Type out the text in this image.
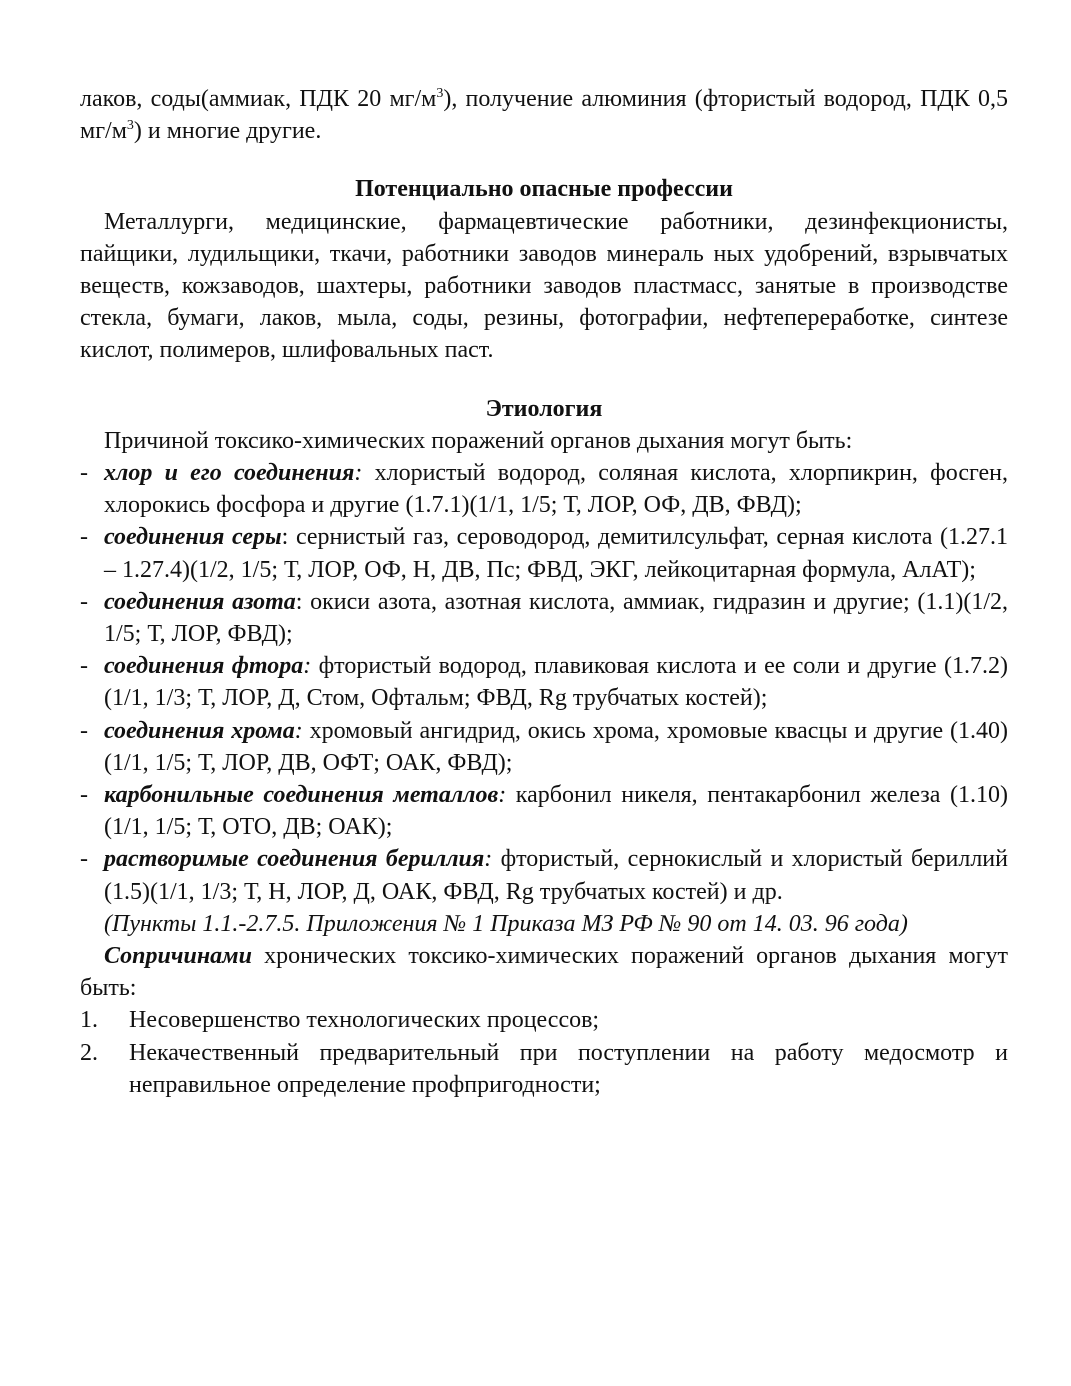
лаков, соды(аммиак, ПДК 20 $мг/м^3$), получение алюминия (фтористый водород, ПДК 0,5 $мг/м^3$) и многие другие.

Потенциально опасные профессии

Металлурги, медицинские, фармацевтические работники, дезинфекционисты, пайщики, лудильщики, ткачи, работники заводов минераль ных удобрений, взрывчатых веществ, кожзаводов, шахтеры, работники заводов пластмасс, занятые в производстве стекла, бумаги, лаков, мыла, соды, резины, фотографии, нефтепереработке, синтезе кислот, полимеров, шлифовальных паст.

Этиология

Причиной токсико-химических поражений органов дыхания могут быть:

- хлор и его соединения: хлористый водород, соляная кислота, хлорпикрин, фосген, хлорокись фосфора и другие (1.7.1)(1/1, 1/5; Т, ЛОР, ОФ, ДВ, ФВД);
- соединения серы: сернистый газ, сероводород, демитилсульфат, серная кислота (1.27.1 – 1.27.4)(1/2, 1/5; Т, ЛОР, ОФ, Н, ДВ, Пс; ФВД, ЭКГ, лейкоцитарная формула, АлАТ);
- соединения азота: окиси азота, азотная кислота, аммиак, гидразин и другие; (1.1)(1/2, 1/5; Т, ЛОР, ФВД);
- соединения фтора: фтористый водород, плавиковая кислота и ее соли и другие (1.7.2)(1/1, 1/3; Т, ЛОР, Д, Стом, Офтальм; ФВД, Rg трубчатых костей);
- соединения хрома: хромовый ангидрид, окись хрома, хромовые квасцы и другие (1.40)(1/1, 1/5; Т, ЛОР, ДВ, ОФТ; ОАК, ФВД);
- карбонильные соединения металлов: карбонил никеля, пентакарбонил железа (1.10)(1/1, 1/5; Т, ОТО, ДВ; ОАК);
- растворимые соединения бериллия: фтористый, сернокислый и хлористый бериллий (1.5)(1/1, 1/3; Т, Н, ЛОР, Д, ОАК, ФВД, Rg трубчатых костей) и др.

(Пункты 1.1.-2.7.5. Приложения № 1 Приказа МЗ РФ № 90 от 14. 03. 96 года)

Сопричинами хронических токсико-химических поражений органов дыхания могут быть:

1.	Несовершенство технологических процессов;
2.	Некачественный предварительный при поступлении на работу медосмотр и неправильное определение профпригодности;
